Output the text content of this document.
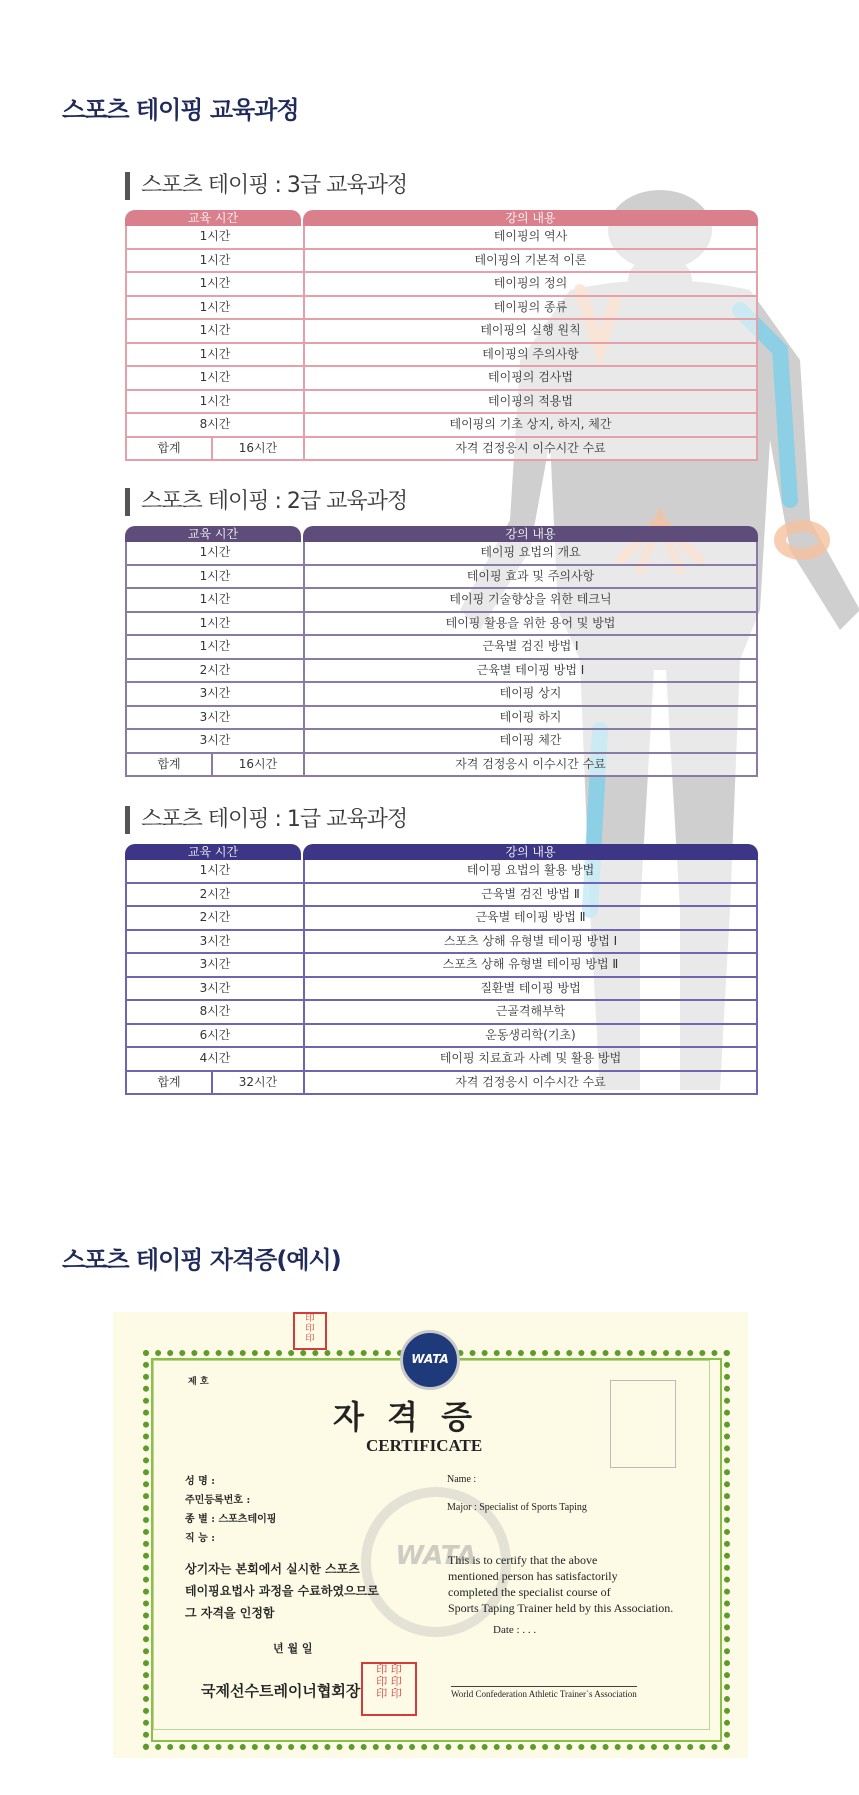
스포츠 테이핑 교육과정
스포츠 테이핑 : 3급 교육과정
교육 시간	강의 내용
1시간	테이핑의 역사
1시간	테이핑의 기본적 이론
1시간	테이핑의 정의
1시간	테이핑의 종류
1시간	테이핑의 실행 원칙
1시간	테이핑의 주의사항
1시간	테이핑의 검사법
1시간	테이핑의 적용법
8시간	테이핑의 기초 상지, 하지, 체간
합계	16시간	자격 검정응시 이수시간 수료
스포츠 테이핑 : 2급 교육과정
교육 시간	강의 내용
1시간	테이핑 요법의 개요
1시간	테이핑 효과 및 주의사항
1시간	테이핑 기술향상을 위한 테크닉
1시간	테이핑 활용을 위한 용어 및 방법
1시간	근육별 검진 방법 Ⅰ
2시간	근육별 테이핑 방법 Ⅰ
3시간	테이핑 상지
3시간	테이핑 하지
3시간	테이핑 체간
합계	16시간	자격 검정응시 이수시간 수료
스포츠 테이핑 : 1급 교육과정
교육 시간	강의 내용
1시간	테이핑 요법의 활용 방법
2시간	근육별 검진 방법 Ⅱ
2시간	근육별 테이핑 방법 Ⅱ
3시간	스포츠 상해 유형별 테이핑 방법 Ⅰ
3시간	스포츠 상해 유형별 테이핑 방법 Ⅱ
3시간	질환별 테이핑 방법
8시간	근골격해부학
6시간	운동생리학(기초)
4시간	테이핑 치료효과 사례 및 활용 방법
합계	32시간	자격 검정응시 이수시간 수료
스포츠 테이핑 자격증(예시)
印
印
印
WATA
WATA
제 호
자 격 증
CERTIFICATE
성 명 :
주민등록번호 :
종 별 : 스포츠테이핑
직 능 :
Name :
Major : Specialist of Sports Taping
상기자는 본회에서 실시한 스포츠
테이핑요법사 과정을 수료하였으므로
그 자격을 인정함
This is to certify that the above
mentioned person has satisfactorily
completed the specialist course of
Sports Taping Trainer held by this Association.
년 월 일
Date : . . .
국제선수트레이너협회장
印 印
印 印
印 印	World Confederation Athletic Trainer`s Association
